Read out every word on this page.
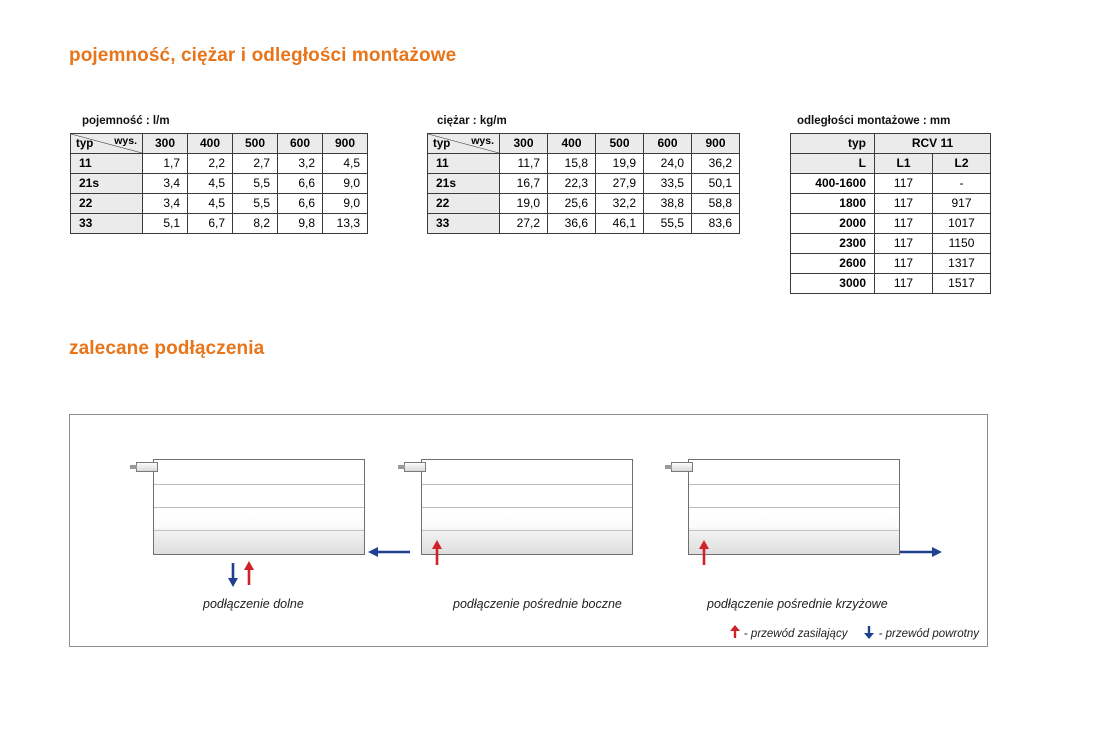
pojemność, ciężar i odległości montażowe
pojemność : l/m
typ wys.	300	400	500	600	900
11	1,7	2,2	2,7	3,2	4,5
21s	3,4	4,5	5,5	6,6	9,0
22	3,4	4,5	5,5	6,6	9,0
33	5,1	6,7	8,2	9,8	13,3
ciężar : kg/m
typ wys.	300	400	500	600	900
11	11,7	15,8	19,9	24,0	36,2
21s	16,7	22,3	27,9	33,5	50,1
22	19,0	25,6	32,2	38,8	58,8
33	27,2	36,6	46,1	55,5	83,6
odległości montażowe : mm
typ	RCV 11	
L	L1	L2
400-1600	117	-
1800	117	917
2000	117	1017
2300	117	1150
2600	117	1317
3000	117	1517
zalecane podłączenia
podłączenie dolne	podłączenie pośrednie boczne	podłączenie pośrednie krzyżowe
- przewód zasilający	- przewód powrotny
